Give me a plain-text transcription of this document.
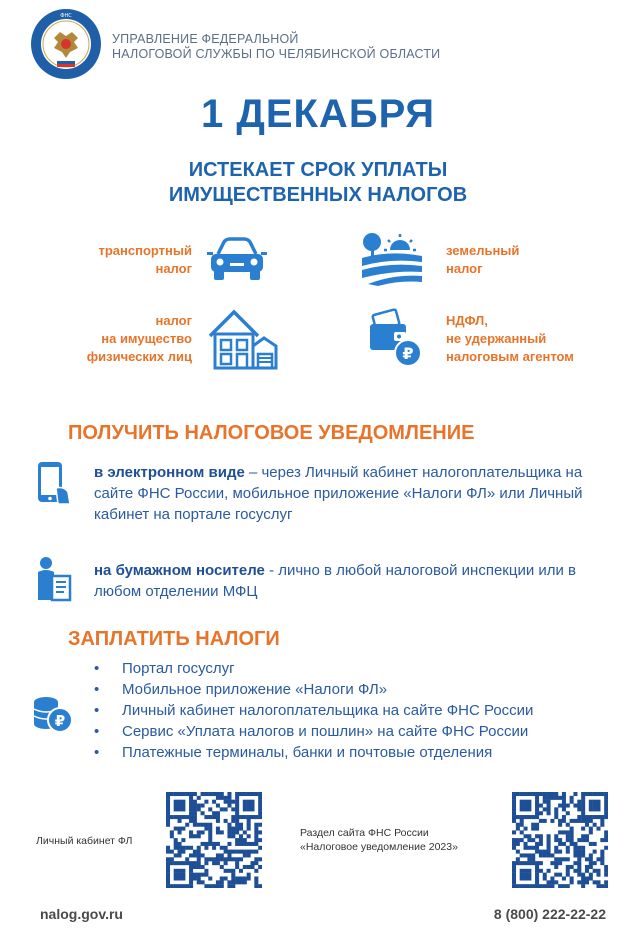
ФНС
УПРАВЛЕНИЕ ФЕДЕРАЛЬНОЙ
НАЛОГОВОЙ СЛУЖБЫ ПО ЧЕЛЯБИНСКОЙ ОБЛАСТИ
1 ДЕКАБРЯ
ИСТЕКАЕТ СРОК УПЛАТЫ
ИМУЩЕСТВЕННЫХ НАЛОГОВ
транспортный
налог
земельный
налог
налог
на имущество
физических лиц	₽
НДФЛ,
не удержанный
налоговым агентом
ПОЛУЧИТЬ НАЛОГОВОЕ УВЕДОМЛЕНИЕ
в электронном виде – через Личный кабинет налогоплательщика на сайте ФНС России, мобильное приложение «Налоги ФЛ» или Личный кабинет на портале госуслуг
на бумажном носителе - лично в любой налоговой инспекции или в любом отделении МФЦ
ЗАПЛАТИТЬ НАЛОГИ
₽
• Портал госуслуг
• Мобильное приложение «Налоги ФЛ»
• Личный кабинет налогоплательщика на сайте ФНС России
• Сервис «Уплата налогов и пошлин» на сайте ФНС России
• Платежные терминалы, банки и почтовые отделения
Личный кабинет ФЛ
Раздел сайта ФНС России
«Налоговое уведомление 2023»
nalog.gov.ru	8 (800) 222-22-22
